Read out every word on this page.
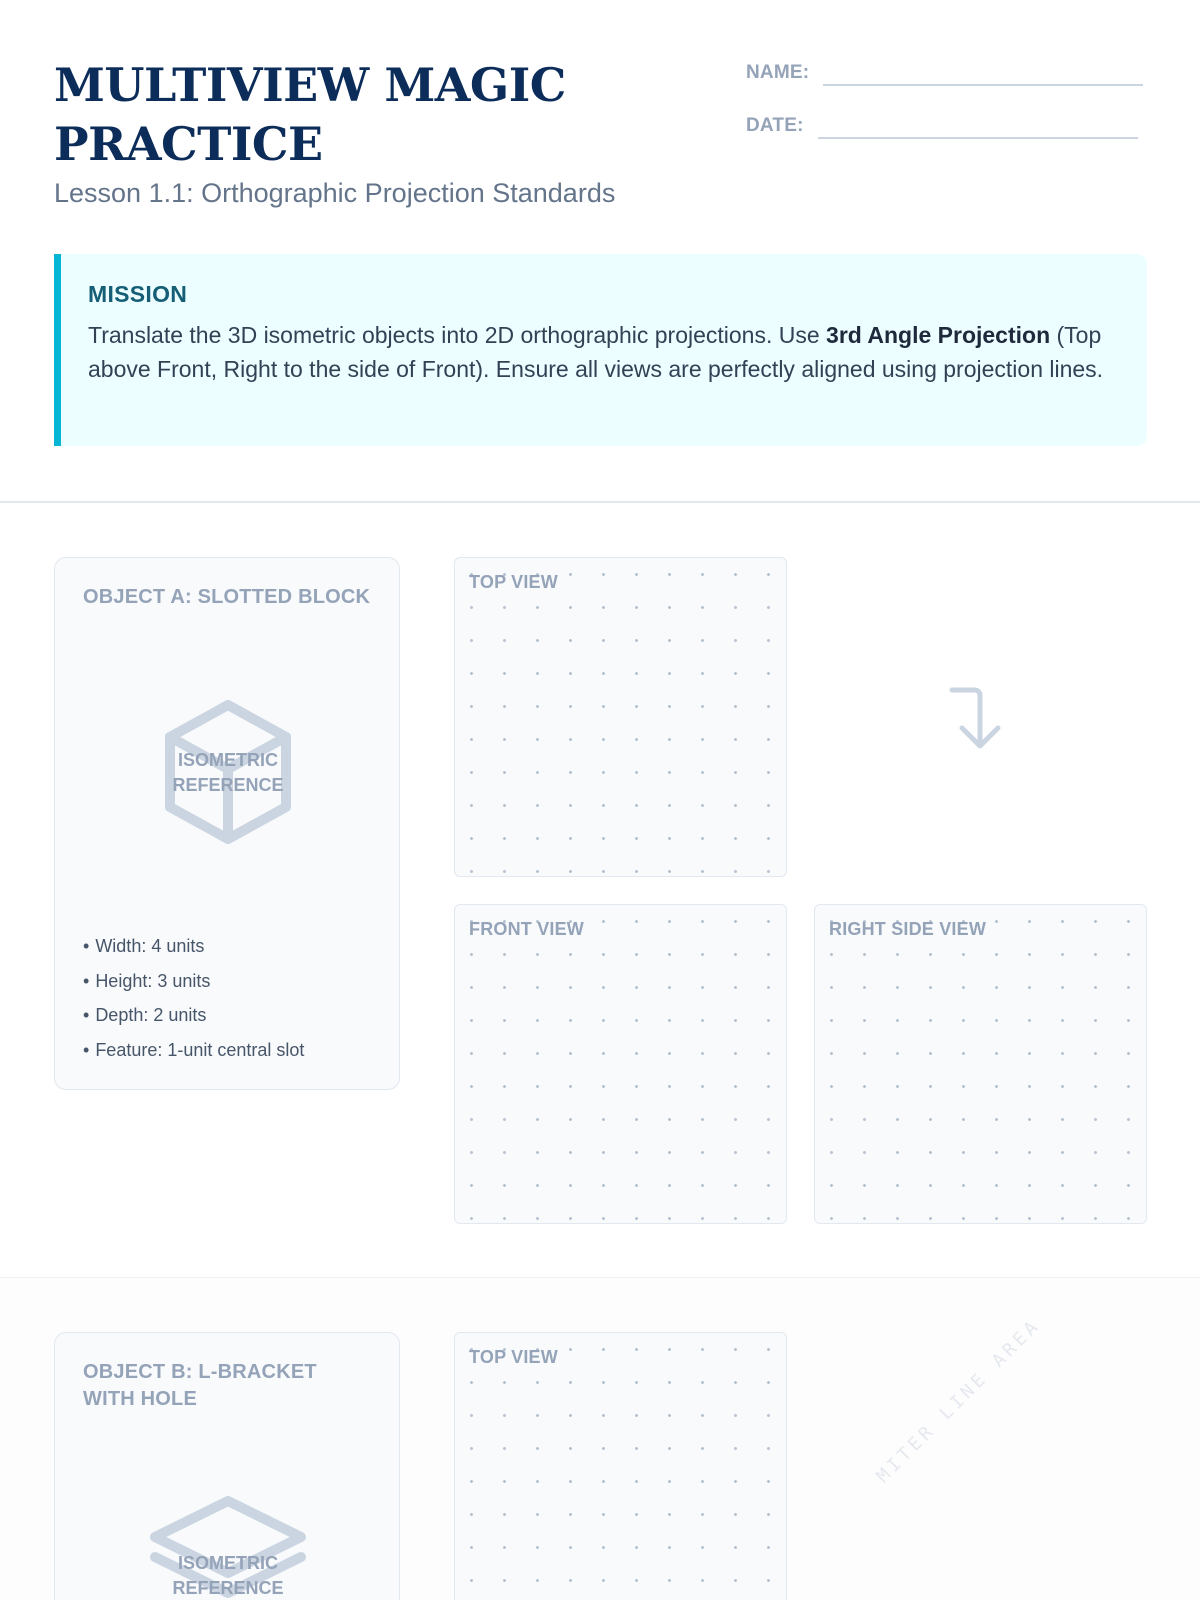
MULTIVIEW MAGIC PRACTICE
Lesson 1.1: Orthographic Projection Standards
NAME:
DATE:
MISSION
Translate the 3D isometric objects into 2D orthographic projections. Use 3rd Angle Projection (Top above Front, Right to the side of Front). Ensure all views are perfectly aligned using projection lines.
OBJECT A: SLOTTED BLOCK
ISOMETRIC
REFERENCE
• Width: 4 units
• Height: 3 units
• Depth: 2 units
• Feature: 1-unit central slot
TOP VIEW
FRONT VIEW	RIGHT SIDE VIEW
OBJECT B: L-BRACKET WITH HOLE
ISOMETRIC
REFERENCE
TOP VIEW	MITER LINE AREA
